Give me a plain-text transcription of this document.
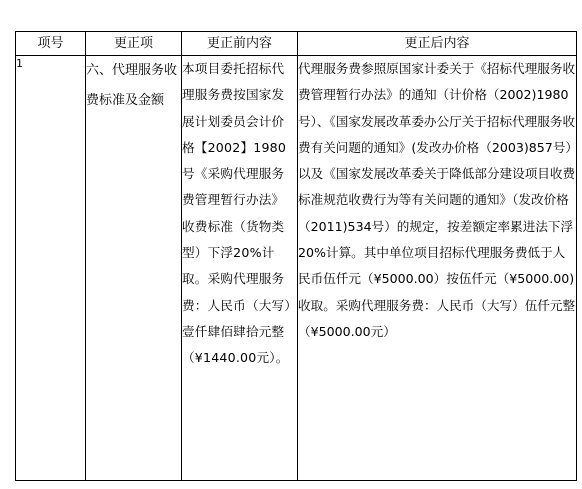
项号	更正项	更正前内容	更正后内容

1	六、代理服务收费标准及金额	本项目委托招标代理服务费按国家发展计划委员会计价格【2002】1980号《采购代理服务费管理暂行办法》收费标准（货物类型）下浮20%计取。采购代理服务费：人民币（大写）壹仟肆佰肆拾元整（¥1440.00元）。	代理服务费参照原国家计委关于《招标代理服务收费管理暂行办法》的通知（计价格（2002)1980号）、《国家发展改革委办公厅关于招标代理服务收费有关问题的通知》(发改办价格（2003)857号）以及《国家发展改革委关于降低部分建设项目收费标准规范收费行为等有关问题的通知》（发改价格（2011)534号）的规定，按差额定率累进法下浮20%计算。其中单位项目招标代理服务费低于人民币伍仟元（¥5000.00）按伍仟元（¥5000.00)收取。采购代理服务费：人民币（大写）伍仟元整（¥5000.00元）
